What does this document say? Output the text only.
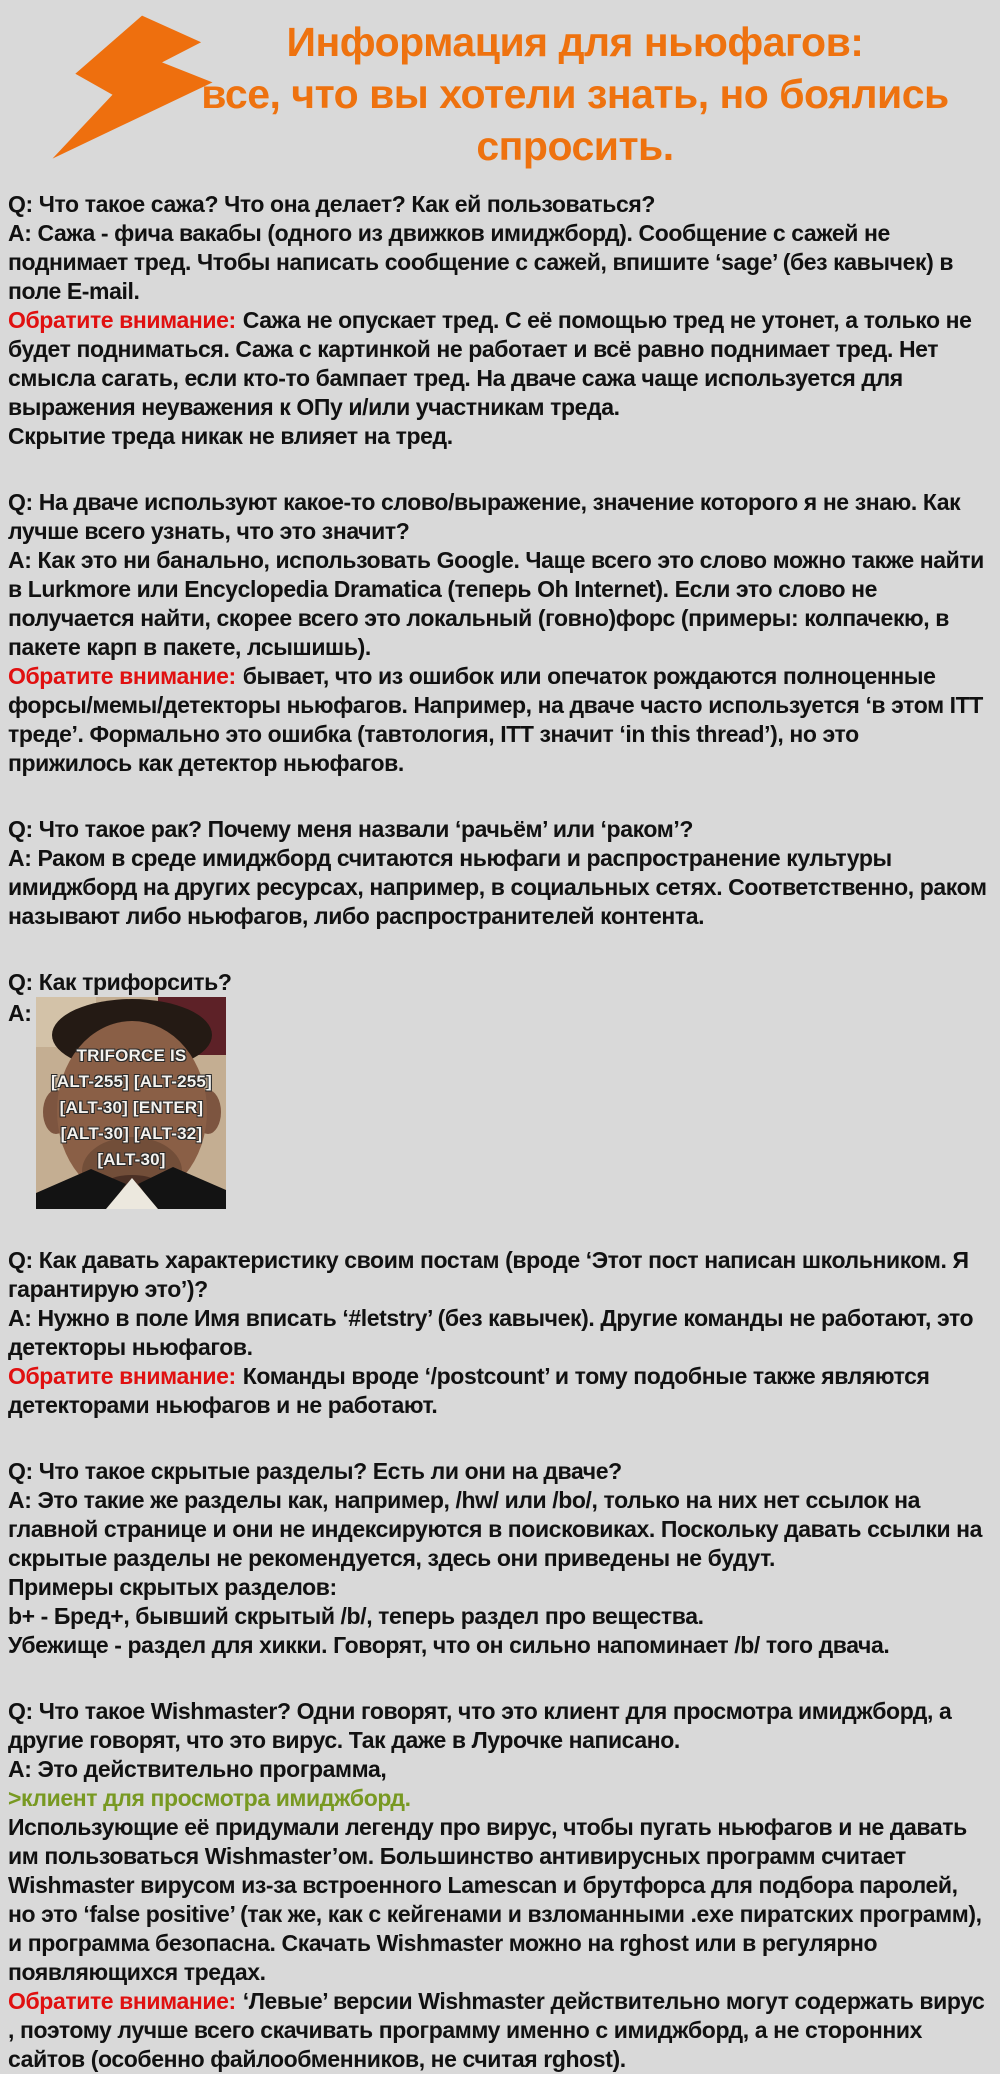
Информация для ньюфагов:
все, что вы хотели знать, но боялись
спросить.

Q: Что такое сажа? Что она делает? Как ей пользоваться?

A: Сажа - фича вакабы (одного из движков имиджборд). Сообщение с сажей не поднимает тред. Чтобы написать сообщение с сажей, впишите ‘sage’ (без кавычек) в поле E-mail.

Обратите внимание: Сажа не опускает тред. С её помощью тред не утонет, а только не будет подниматься. Сажа с картинкой не работает и всё равно поднимает тред. Нет смысла сагать, если кто-то бампает тред. На дваче сажа чаще используется для выражения неуважения к ОПу и/или участникам треда.

Скрытие треда никак не влияет на тред.

Q: На дваче используют какое-то слово/выражение, значение которого я не знаю. Как лучше всего узнать, что это значит?

A: Как это ни банально, использовать Google. Чаще всего это слово можно также найти в Lurkmore или Encyclopedia Dramatica (теперь Oh Internet). Если это слово не получается найти, скорее всего это локальный (говно)форс (примеры: колпачекю, в пакете карп в пакете, лсышишь).

Обратите внимание: бывает, что из ошибок или опечаток рождаются полноценные форсы/мемы/детекторы ньюфагов. Например, на дваче часто используется ‘в этом ITT треде’. Формально это ошибка (тавтология, ITT значит ‘in this thread’), но это прижилось как детектор ньюфагов.

Q: Что такое рак? Почему меня назвали ‘рачьём’ или ‘раком’?

A: Раком в среде имиджборд считаются ньюфаги и распространение культуры имиджборд на других ресурсах, например, в социальных сетях. Соответственно, раком называют либо ньюфагов, либо распространителей контента.

Q: Как трифорсить?

A:
TRIFORCE IS
[ALT-255] [ALT-255]
[ALT-30] [ENTER]
[ALT-30] [ALT-32]
[ALT-30]

Q: Как давать характеристику своим постам (вроде ‘Этот пост написан школьником. Я гарантирую это’)?

A: Нужно в поле Имя вписать ‘#letstry’ (без кавычек). Другие команды не работают, это детекторы ньюфагов.

Обратите внимание: Команды вроде ‘/postcount’ и тому подобные также являются детекторами ньюфагов и не работают.

Q: Что такое скрытые разделы? Есть ли они на дваче?

A: Это такие же разделы как, например, /hw/ или /bo/, только на них нет ссылок на главной странице и они не индексируются в поисковиках. Поскольку давать ссылки на скрытые разделы не рекомендуется, здесь они приведены не будут.

Примеры скрытых разделов:

b+ - Бред+, бывший скрытый /b/, теперь раздел про вещества.

Убежище - раздел для хикки. Говорят, что он сильно напоминает /b/ того двача.

Q: Что такое Wishmaster? Одни говорят, что это клиент для просмотра имиджборд, а другие говорят, что это вирус. Так даже в Лурочке написано.

A: Это действительно программа,

>клиент для просмотра имиджборд.

Использующие её придумали легенду про вирус, чтобы пугать ньюфагов и не давать им пользоваться Wishmaster’ом. Большинство антивирусных программ считает Wishmaster вирусом из-за встроенного Lamescan и брутфорса для подбора паролей, но это ‘false positive’ (так же, как с кейгенами и взломанными .exe пиратских программ), и программа безопасна. Скачать Wishmaster можно на rghost или в регулярно появляющихся тредах.

Обратите внимание: ‘Левые’ версии Wishmaster действительно могут содержать вирус , поэтому лучше всего скачивать программу именно с имиджборд, а не сторонних сайтов (особенно файлообменников, не считая rghost).
